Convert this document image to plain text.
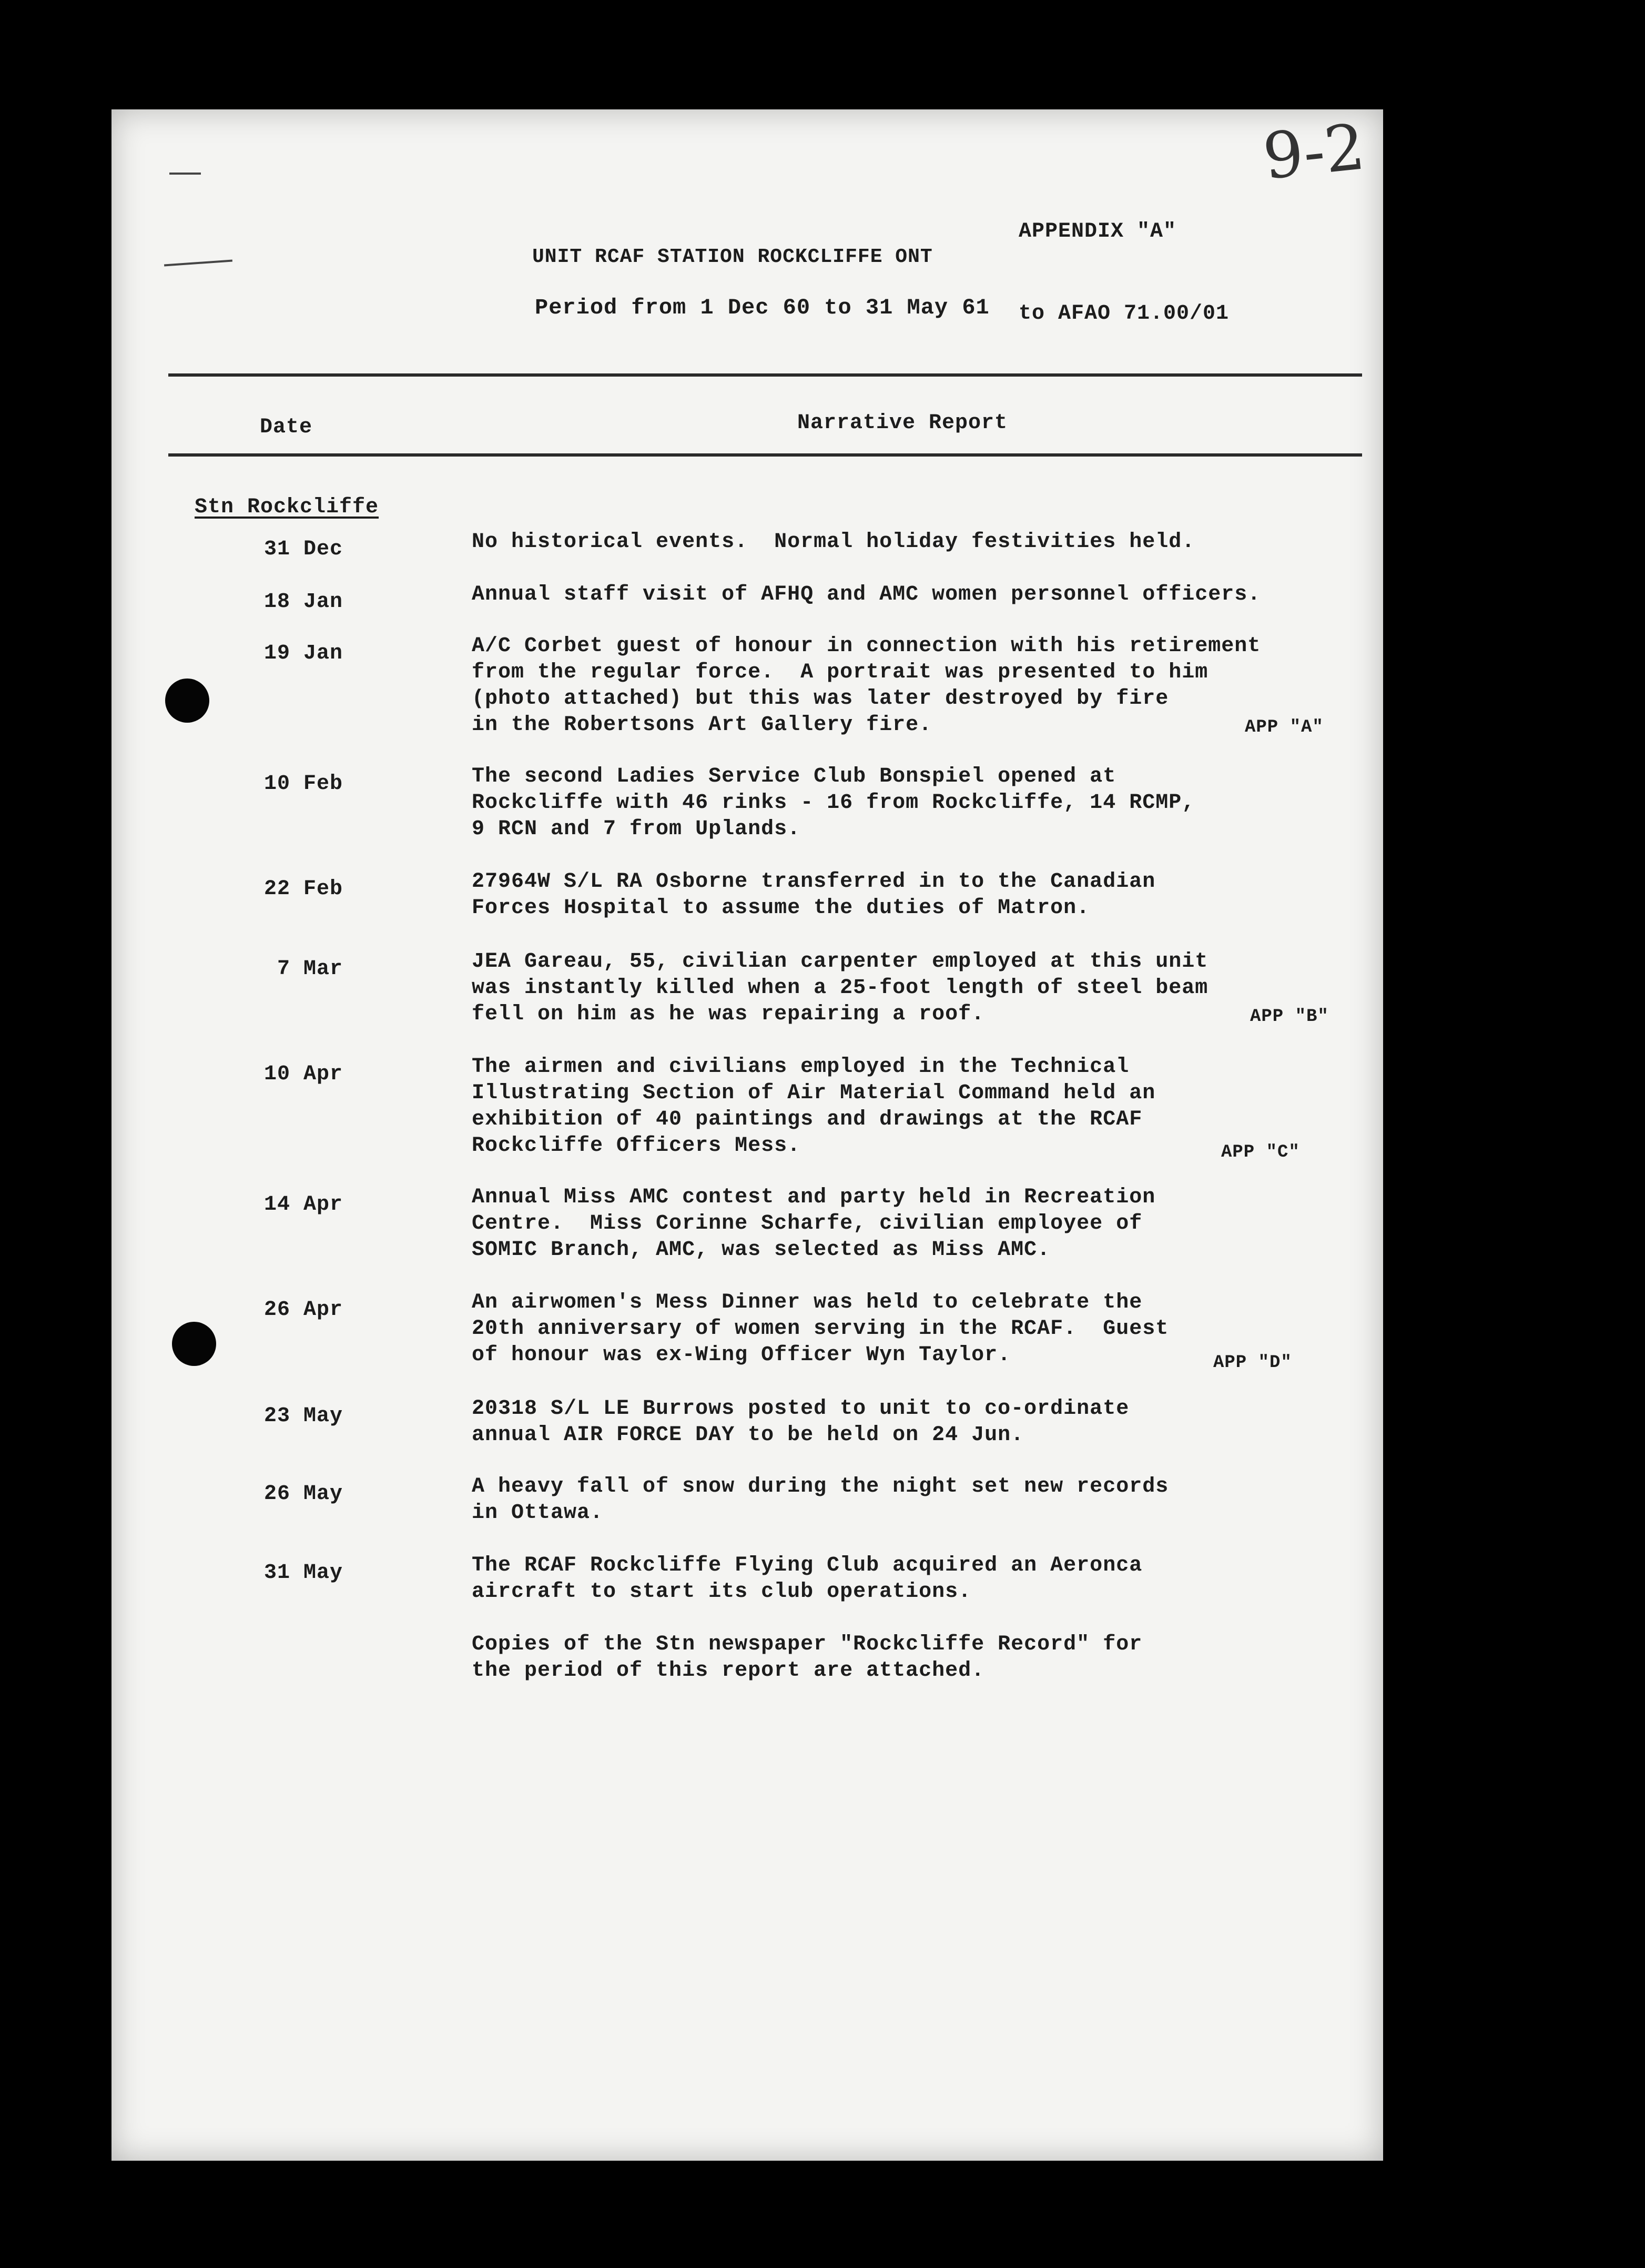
9-2

APPENDIX "A"

to AFAO 71.00/01

UNIT RCAF STATION ROCKCLIFFE ONT
Period from 1 Dec 60 to 31 May 61
Date	Narrative Report
Stn Rockcliffe
31 Dec	No historical events.  Normal holiday festivities held.
18 Jan	Annual staff visit of AFHQ and AMC women personnel officers.
19 Jan	A/C Corbet guest of honour in connection with his retirement
from the regular force.  A portrait was presented to him
(photo attached) but this was later destroyed by fire
in the Robertsons Art Gallery fire.	APP "A"
10 Feb	The second Ladies Service Club Bonspiel opened at
Rockcliffe with 46 rinks - 16 from Rockcliffe, 14 RCMP,
9 RCN and 7 from Uplands.
22 Feb	27964W S/L RA Osborne transferred in to the Canadian
Forces Hospital to assume the duties of Matron.
7 Mar	JEA Gareau, 55, civilian carpenter employed at this unit
was instantly killed when a 25-foot length of steel beam
fell on him as he was repairing a roof.	APP "B"
10 Apr	The airmen and civilians employed in the Technical
Illustrating Section of Air Material Command held an
exhibition of 40 paintings and drawings at the RCAF
Rockcliffe Officers Mess.	APP "C"
14 Apr	Annual Miss AMC contest and party held in Recreation
Centre.  Miss Corinne Scharfe, civilian employee of
SOMIC Branch, AMC, was selected as Miss AMC.
26 Apr	An airwomen's Mess Dinner was held to celebrate the
20th anniversary of women serving in the RCAF.  Guest
of honour was ex-Wing Officer Wyn Taylor.	APP "D"
23 May	20318 S/L LE Burrows posted to unit to co-ordinate
annual AIR FORCE DAY to be held on 24 Jun.
26 May	A heavy fall of snow during the night set new records
in Ottawa.
31 May	The RCAF Rockcliffe Flying Club acquired an Aeronca
aircraft to start its club operations.
Copies of the Stn newspaper "Rockcliffe Record" for
the period of this report are attached.
